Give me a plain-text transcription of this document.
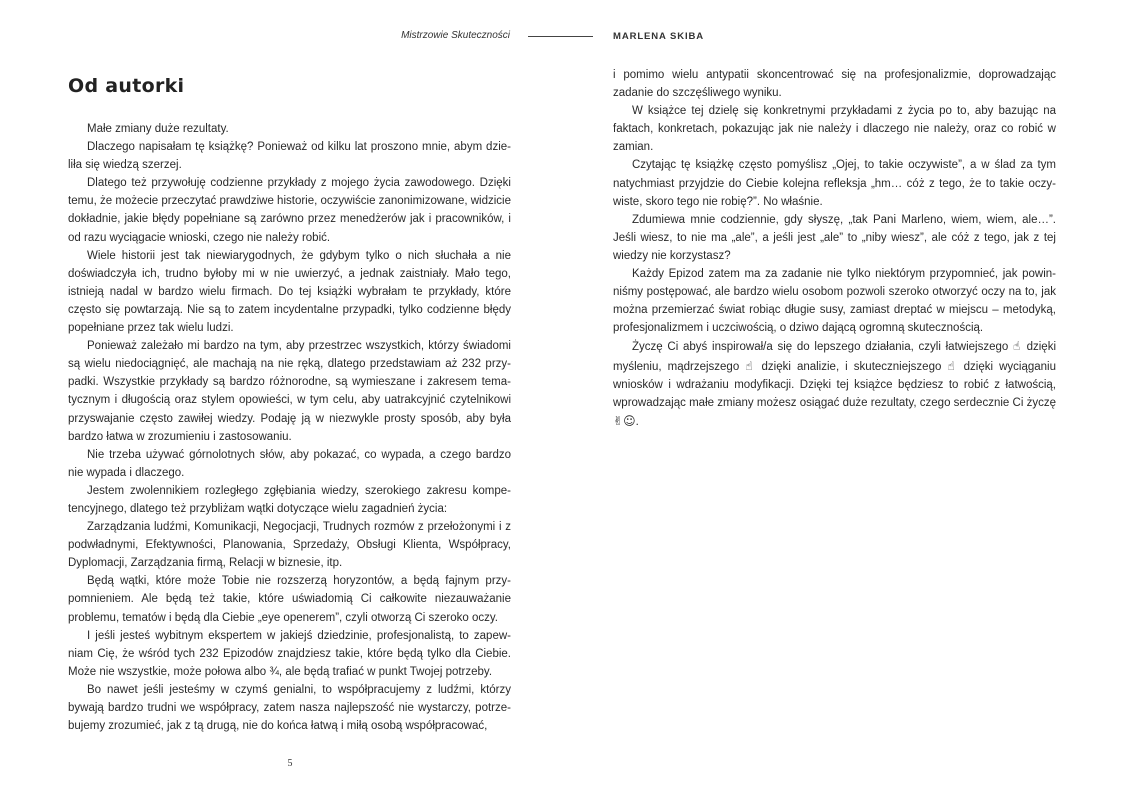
Mistrzowie Skuteczności	MARLENA SKIBA
Od autorki

Małe zmiany duże rezultaty.

Dlaczego napisałam tę książkę? Ponieważ od kilku lat proszono mnie, abym dzieliła się wiedzą szerzej.

Dlatego też przywołuję codzienne przykłady z mojego życia zawodowego. Dzięki temu, że możecie przeczytać prawdziwe historie, oczywiście zanonimizowane, widzicie dokładnie, jakie błędy popełniane są zarówno przez menedżerów jak i pracowników, i od razu wyciągacie wnioski, czego nie należy robić.

Wiele historii jest tak niewiarygodnych, że gdybym tylko o nich słuchała a nie doświadczyła ich, trudno byłoby mi w nie uwierzyć, a jednak zaistniały. Mało tego, istnieją nadal w bardzo wielu firmach. Do tej książki wybrałam te przykłady, które często się powtarzają. Nie są to zatem incydentalne przypadki, tylko codzienne błędy popełniane przez tak wielu ludzi.

Ponieważ zależało mi bardzo na tym, aby przestrzec wszystkich, którzy świadomi są wielu niedociągnięć, ale machają na nie ręką, dlatego przedstawiam aż 232 przypadki. Wszystkie przykłady są bardzo różnorodne, są wymieszane i zakresem tematycznym i długością oraz stylem opowieści, w tym celu, aby uatrakcyjnić czytelnikowi przyswajanie często zawiłej wiedzy. Podaję ją w niezwykle prosty sposób, aby była bardzo łatwa w zrozumieniu i zastosowaniu.

Nie trzeba używać górnolotnych słów, aby pokazać, co wypada, a czego bardzo nie wypada i dlaczego.

Jestem zwolennikiem rozległego zgłębiania wiedzy, szerokiego zakresu kompetencyjnego, dlatego też przybliżam wątki dotyczące wielu zagadnień życia:

Zarządzania ludźmi, Komunikacji, Negocjacji, Trudnych rozmów z przełożonymi i z podwładnymi, Efektywności, Planowania, Sprzedaży, Obsługi Klienta, Współpracy, Dyplomacji, Zarządzania firmą, Relacji w biznesie, itp.

Będą wątki, które może Tobie nie rozszerzą horyzontów, a będą fajnym przypomnieniem. Ale będą też takie, które uświadomią Ci całkowite niezauważanie problemu, tematów i będą dla Ciebie „eye openerem”, czyli otworzą Ci szeroko oczy.

I jeśli jesteś wybitnym ekspertem w jakiejś dziedzinie, profesjonalistą, to zapewniam Cię, że wśród tych 232 Epizodów znajdziesz takie, które będą tylko dla Ciebie. Może nie wszystkie, może połowa albo ¾, ale będą trafiać w punkt Twojej potrzeby.

Bo nawet jeśli jesteśmy w czymś genialni, to współpracujemy z ludźmi, którzy bywają bardzo trudni we współpracy, zatem nasza najlepszość nie wystarczy, potrzebujemy zrozumieć, jak z tą drugą, nie do końca łatwą i miłą osobą współpracować,

i pomimo wielu antypatii skoncentrować się na profesjonalizmie, doprowadzając zadanie do szczęśliwego wyniku.

W książce tej dzielę się konkretnymi przykładami z życia po to, aby bazując na faktach, konkretach, pokazując jak nie należy i dlaczego nie należy, oraz co robić w zamian.

Czytając tę książkę często pomyślisz „Ojej, to takie oczywiste”, a w ślad za tym natychmiast przyjdzie do Ciebie kolejna refleksja „hm… cóż z tego, że to takie oczywiste, skoro tego nie robię?”. No właśnie.

Zdumiewa mnie codziennie, gdy słyszę, „tak Pani Marleno, wiem, wiem, ale…”. Jeśli wiesz, to nie ma „ale”, a jeśli jest „ale” to „niby wiesz”, ale cóż z tego, jak z tej wiedzy nie korzystasz?

Każdy Epizod zatem ma za zadanie nie tylko niektórym przypomnieć, jak powinniśmy postępować, ale bardzo wielu osobom pozwoli szeroko otworzyć oczy na to, jak można przemierzać świat robiąc długie susy, zamiast dreptać w miejscu – metodyką, profesjonalizmem i uczciwością, o dziwo dającą ogromną skutecznością.

Życzę Ci abyś inspirował/a się do lepszego działania, czyli łatwiejszego ☝ dzięki myśleniu, mądrzejszego ☝ dzięki analizie, i skuteczniejszego ☝ dzięki wyciąganiu wniosków i wdrażaniu modyfikacji. Dzięki tej książce będziesz to robić z łatwością, wprowadzając małe zmiany możesz osiągać duże rezultaty, czego serdecznie Ci życzę ✌☺.

5
